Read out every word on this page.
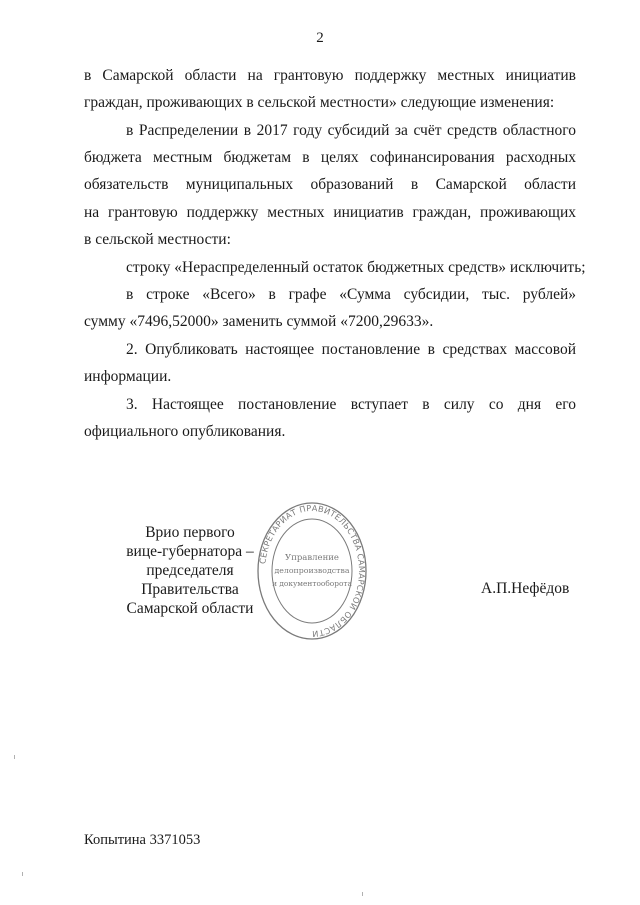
2
в Самарской области на грантовую поддержку местных инициатив
граждан, проживающих в сельской местности» следующие изменения:
в Распределении в 2017 году субсидий за счёт средств областного
бюджета местным бюджетам в целях софинансирования расходных
обязательств муниципальных образований в Самарской области
на грантовую поддержку местных инициатив граждан, проживающих
в сельской местности:
строку «Нераспределенный остаток бюджетных средств» исключить;
в строке «Всего» в графе «Сумма субсидии, тыс. рублей»
сумму «7496,52000» заменить суммой «7200,29633».
2. Опубликовать настоящее постановление в средствах массовой
информации.
3. Настоящее постановление вступает в силу со дня его
официального опубликования.
Врио первого
вице-губернатора –
председателя Правительства
Самарской области
СЕКРЕТАРИАТ ПРАВИТЕЛЬСТВА САМАРСКОЙ ОБЛАСТИ
Управление
делопроизводства
и документооборота	А.П.Нефёдов
Копытина 3371053
